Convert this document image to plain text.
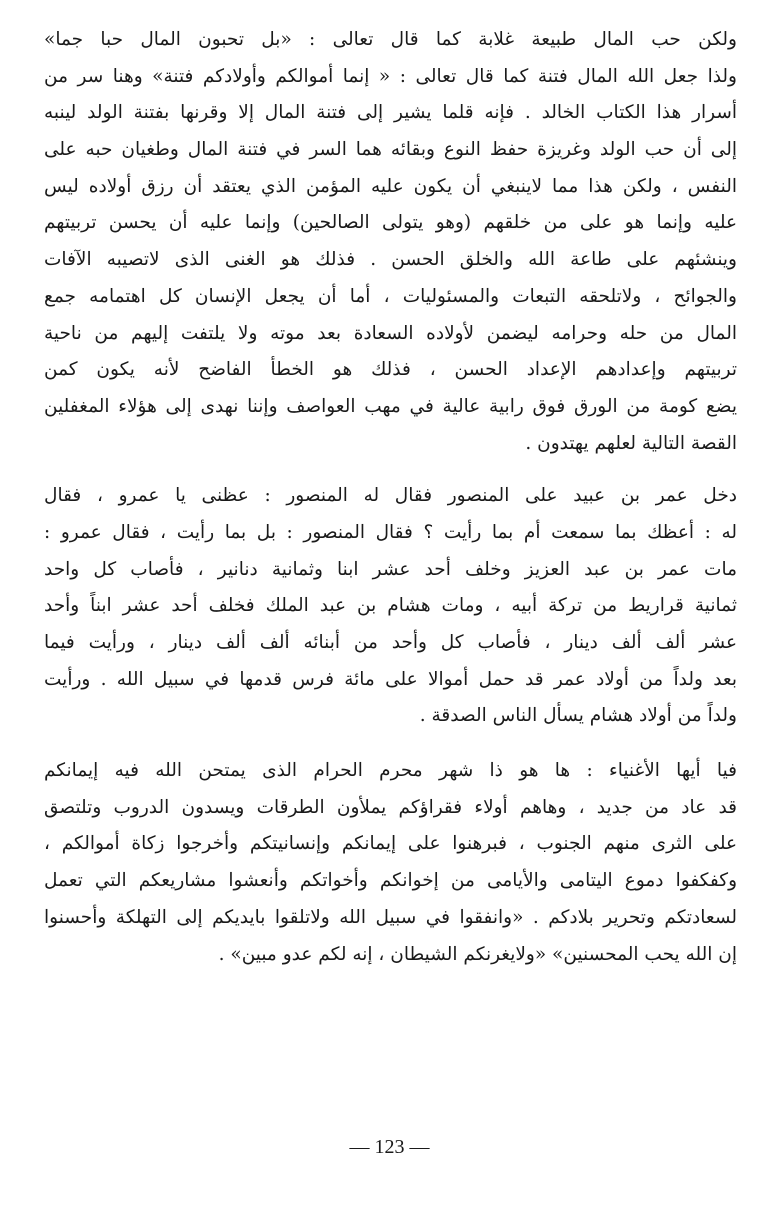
ولكن حب المال طبيعة غلابة كما قال تعالى : «بل تحبون المال حبا جما»
ولذا جعل الله المال فتنة كما قال تعالى : « إنما أموالكم وأولادكم فتنة» وهنا سر من
أسرار هذا الكتاب الخالد . فإنه قلما يشير إلى فتنة المال إلا وقرنها بفتنة الولد لينبه
إلى أن حب الولد وغريزة حفظ النوع وبقائه هما السر في فتنة المال وطغيان حبه على
النفس ، ولكن هذا مما لاينبغي أن يكون عليه المؤمن الذي يعتقد أن رزق أولاده ليس
عليه وإنما هو على من خلقهم (وهو يتولى الصالحين) وإنما عليه أن يحسن تربيتهم
وينشئهم على طاعة الله والخلق الحسن . فذلك هو الغنى الذى لاتصيبه الآفات
والجوائح ، ولاتلحقه التبعات والمسئوليات ، أما أن يجعل الإنسان كل اهتمامه جمع
المال من حله وحرامه ليضمن لأولاده السعادة بعد موته ولا يلتفت إليهم من ناحية
تربيتهم وإعدادهم الإعداد الحسن ، فذلك هو الخطأ الفاضح لأنه يكون كمن
يضع كومة من الورق فوق رابية عالية في مهب العواصف وإننا نهدى إلى هؤلاء المغفلين
القصة التالية لعلهم يهتدون .

دخل عمر بن عبيد على المنصور فقال له المنصور : عظنى يا عمرو ، فقال
له : أعظك بما سمعت أم بما رأيت ؟ فقال المنصور : بل بما رأيت ، فقال عمرو :
مات عمر بن عبد العزيز وخلف أحد عشر ابنا وثمانية دنانير ، فأصاب كل واحد
ثمانية قراريط من تركة أبيه ، ومات هشام بن عبد الملك فخلف أحد عشر ابناً وأحد
عشر ألف ألف دينار ، فأصاب كل وأحد من أبنائه ألف ألف دينار ، ورأيت فيما
بعد ولداً من أولاد عمر قد حمل أموالا على مائة فرس قدمها في سبيل الله . ورأيت
ولداً من أولاد هشام يسأل الناس الصدقة .

فيا أيها الأغنياء : ها هو ذا شهر محرم الحرام الذى يمتحن الله فيه إيمانكم
قد عاد من جديد ، وهاهم أولاء فقراؤكم يملأون الطرقات ويسدون الدروب وتلتصق
على الثرى منهم الجنوب ، فبرهنوا على إيمانكم وإنسانيتكم وأخرجوا زكاة أموالكم ،
وكفكفوا دموع اليتامى والأيامى من إخوانكم وأخواتكم وأنعشوا مشاريعكم التي تعمل
لسعادتكم وتحرير بلادكم . «وانفقوا في سبيل الله ولاتلقوا بايديكم إلى التهلكة وأحسنوا
إن الله يحب المحسنين» «ولايغرنكم الشيطان ، إنه لكم عدو مبين» .

— 123 —
